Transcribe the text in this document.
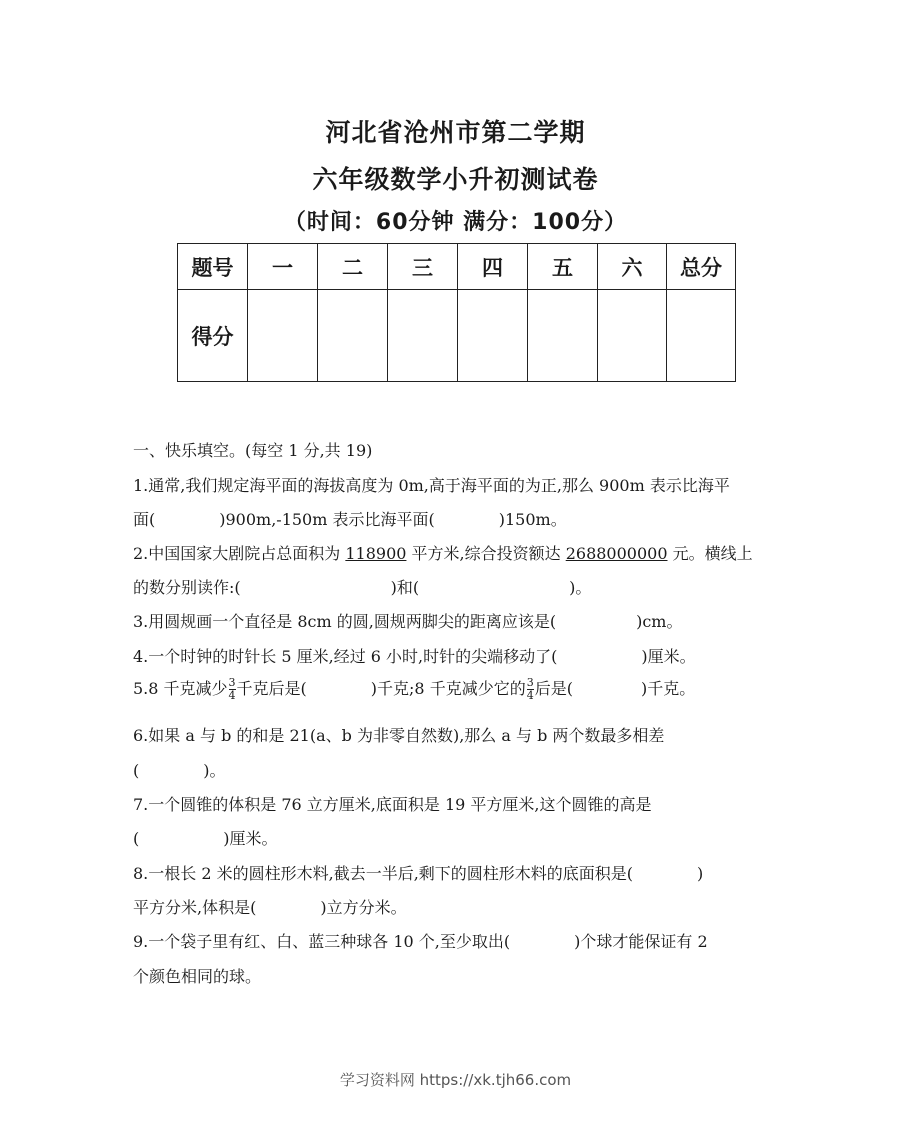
河北省沧州市第二学期
六年级数学小升初测试卷
（时间：60分钟 满分：100分）
题号	一	二	三	四	五	六	总分
得分							
一、快乐填空。(每空 1 分,共 19)
1.通常,我们规定海平面的海拔高度为 0m,高于海平面的为正,那么 900m 表示比海平
面(	)900m,-150m 表示比海平面(	)150m。
2.中国国家大剧院占总面积为 118900 平方米,综合投资额达 2688000000 元。横线上
的数分别读作:(	)和(	)。
3.用圆规画一个直径是 8cm 的圆,圆规两脚尖的距离应该是(	)cm。
4.一个时钟的时针长 5 厘米,经过 6 小时,时针的尖端移动了(	)厘米。
5.8 千克减少 $\frac{3}{4}$ 千克后是(	)千克;8 千克减少它的 $\frac{3}{4}$ 后是(	)千克。
6.如果 a 与 b 的和是 21(a、b 为非零自然数),那么 a 与 b 两个数最多相差
(	)。
7.一个圆锥的体积是 76 立方厘米,底面积是 19 平方厘米,这个圆锥的高是
(	)厘米。
8.一根长 2 米的圆柱形木料,截去一半后,剩下的圆柱形木料的底面积是(	)
平方分米,体积是(	)立方分米。
9.一个袋子里有红、白、蓝三种球各 10 个,至少取出(	)个球才能保证有 2
个颜色相同的球。
学习资料网 https://xk.tjh66.com
